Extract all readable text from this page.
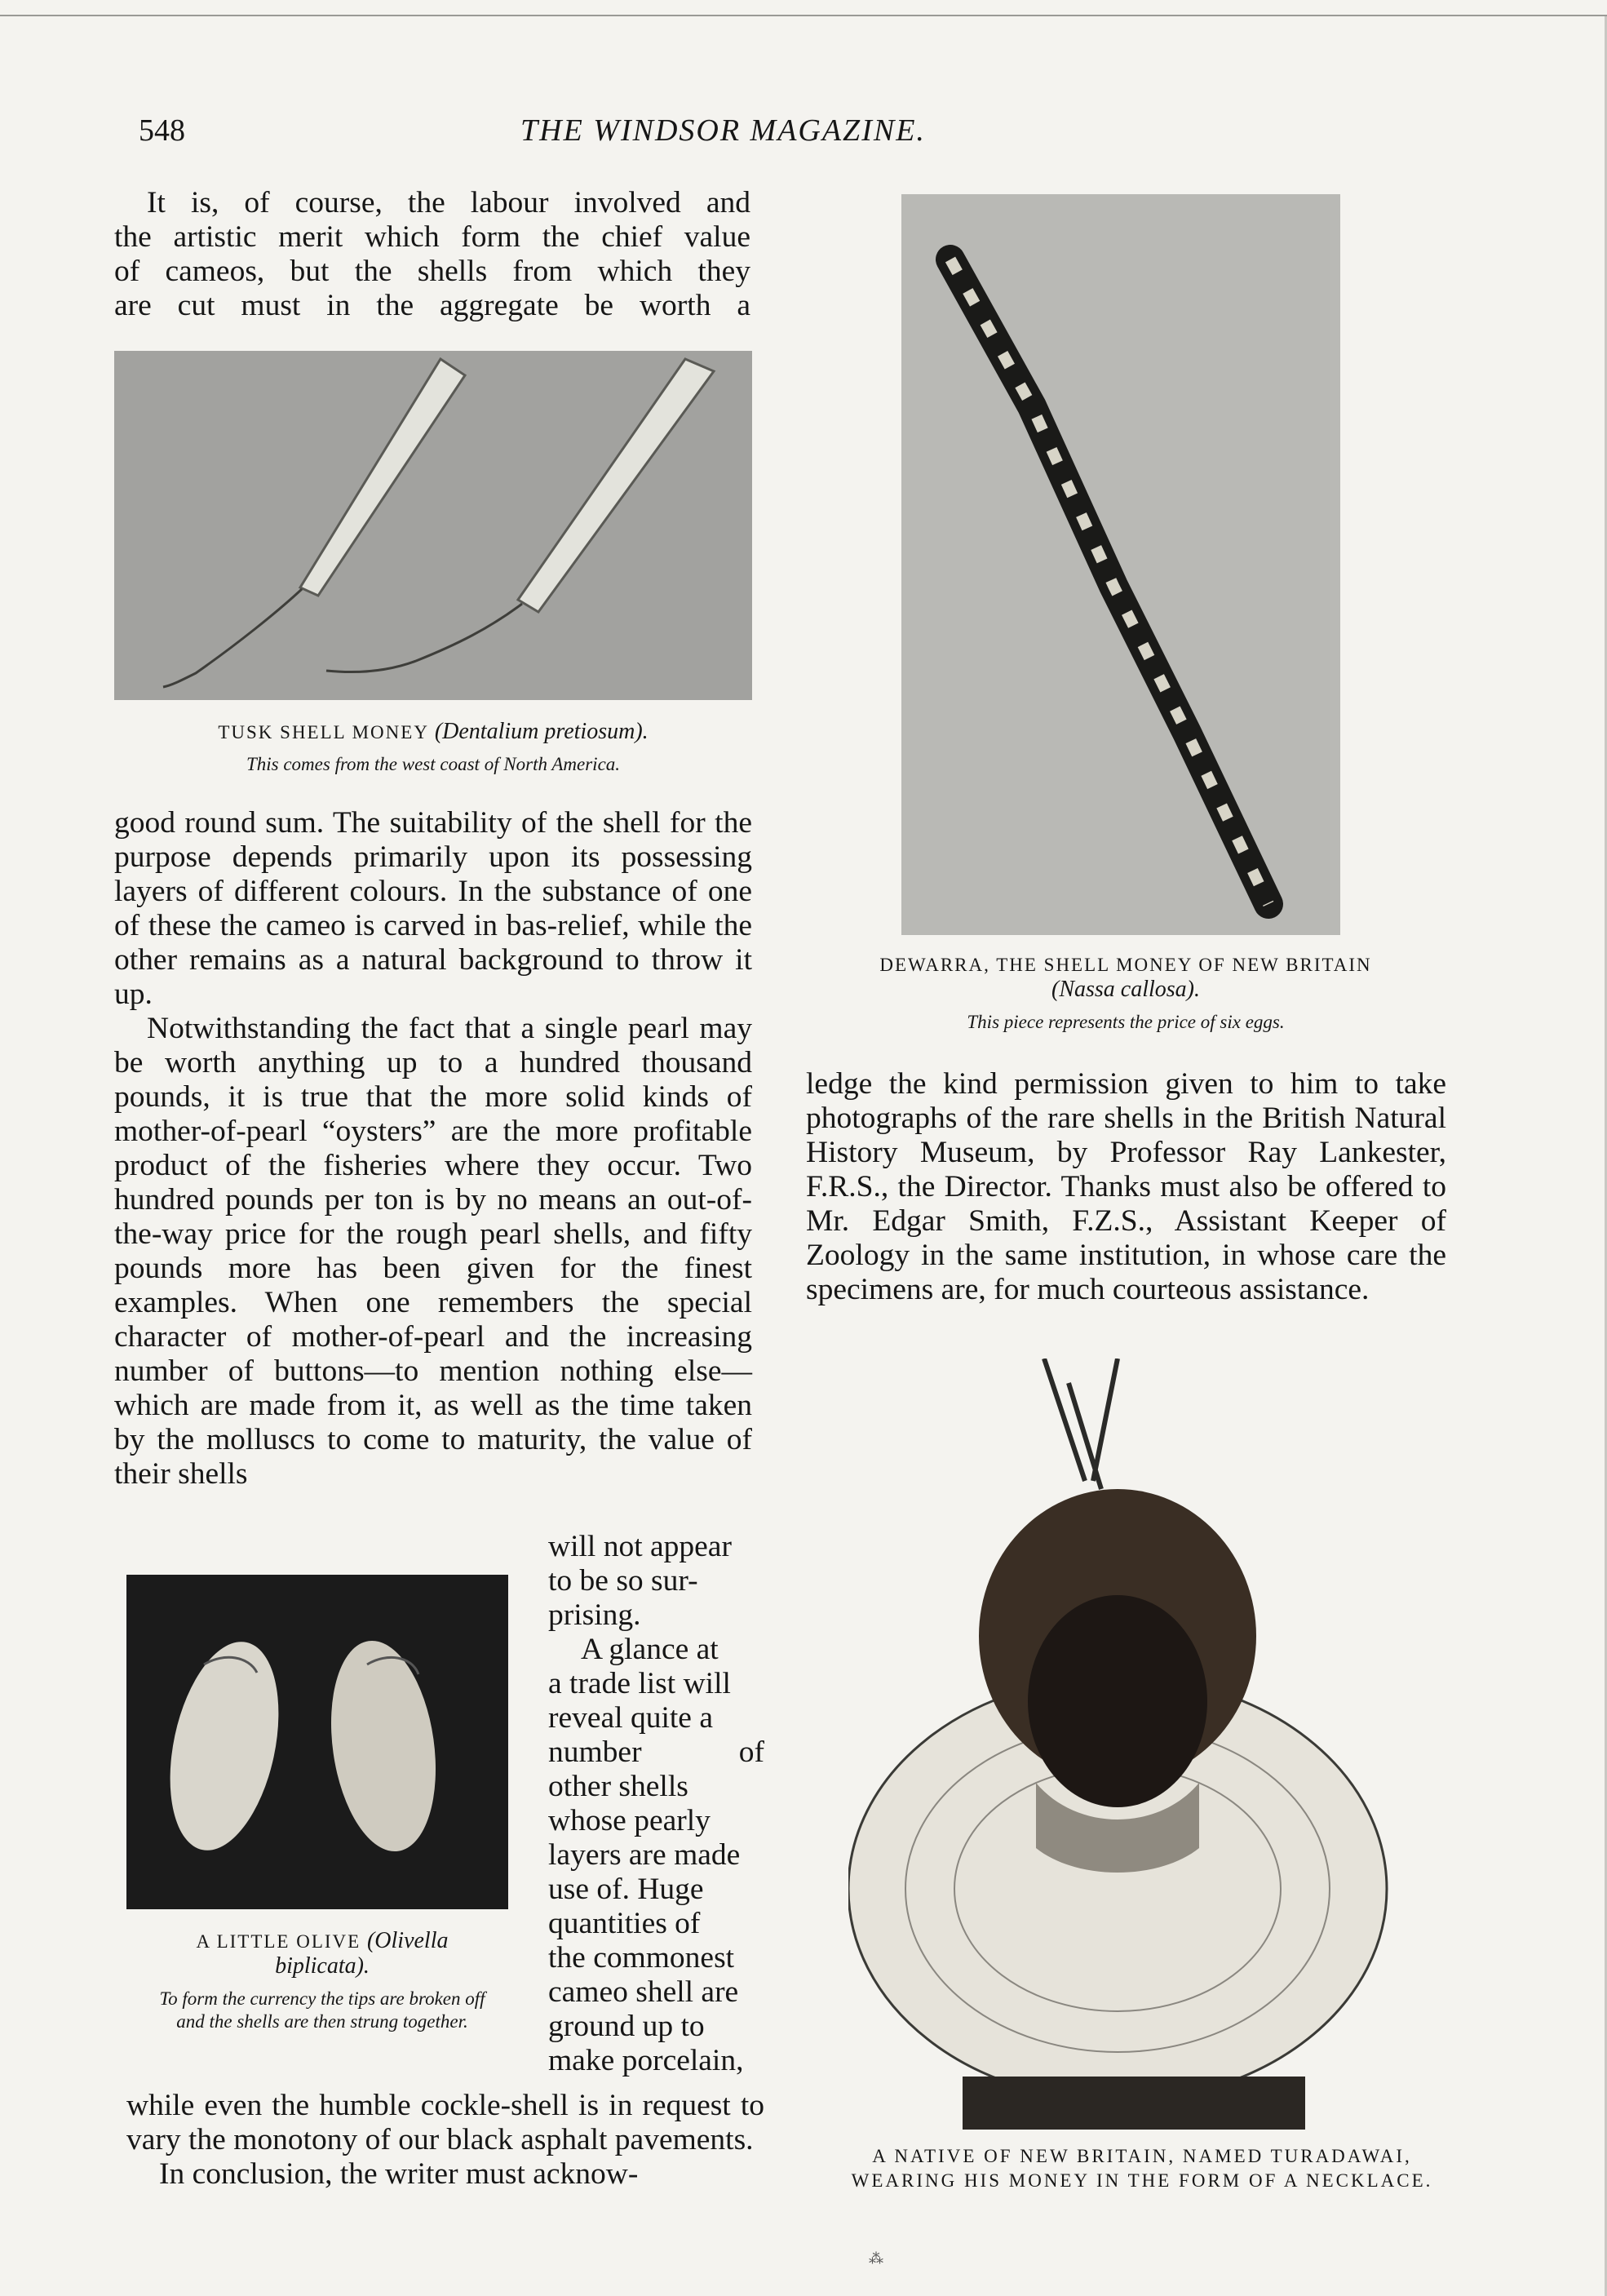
548	THE WINDSOR MAGAZINE.
It is, of course, the labour involved and
the artistic merit which form the chief value
of cameos, but the shells from which they
are cut must in the aggregate be worth a
TUSK SHELL MONEY (Dentalium pretiosum).
This comes from the west coast of North America.

good round sum. The suitability of the shell for the purpose depends primarily upon its possessing layers of different colours. In the substance of one of these the cameo is carved in bas-relief, while the other remains as a natural background to throw it up.

Notwithstanding the fact that a single pearl may be worth anything up to a hundred thousand pounds, it is true that the more solid kinds of mother-of-pearl “oysters” are the more profitable product of the fisheries where they occur. Two hundred pounds per ton is by no means an out-of-the-way price for the rough pearl shells, and fifty pounds more has been given for the finest examples. When one remembers the special character of mother-of-pearl and the increasing number of buttons—to mention nothing else—which are made from it, as well as the time taken by the molluscs to come to maturity, the value of their shells

A LITTLE OLIVE (Olivella
biplicata).
To form the currency the tips are broken off and the shells are then strung together.
will not appear
to be so sur-
prising.
A glance at
a trade list will
reveal quite a
number of
other shells
whose pearly
layers are made
use of. Huge
quantities of
the commonest
cameo shell are
ground up to
make porcelain,

while even the humble cockle-shell is in request to vary the monotony of our black asphalt pavements.

In conclusion, the writer must acknow-

DEWARRA, THE SHELL MONEY OF NEW BRITAIN
(Nassa callosa).
This piece represents the price of six eggs.

ledge the kind permission given to him to take photographs of the rare shells in the British Natural History Museum, by Professor Ray Lankester, F.R.S., the Director. Thanks must also be offered to Mr. Edgar Smith, F.Z.S., Assistant Keeper of Zoology in the same institution, in whose care the specimens are, for much courteous assistance.

A NATIVE OF NEW BRITAIN, NAMED TURADAWAI, WEARING HIS MONEY IN THE FORM OF A NECKLACE.
⁂
